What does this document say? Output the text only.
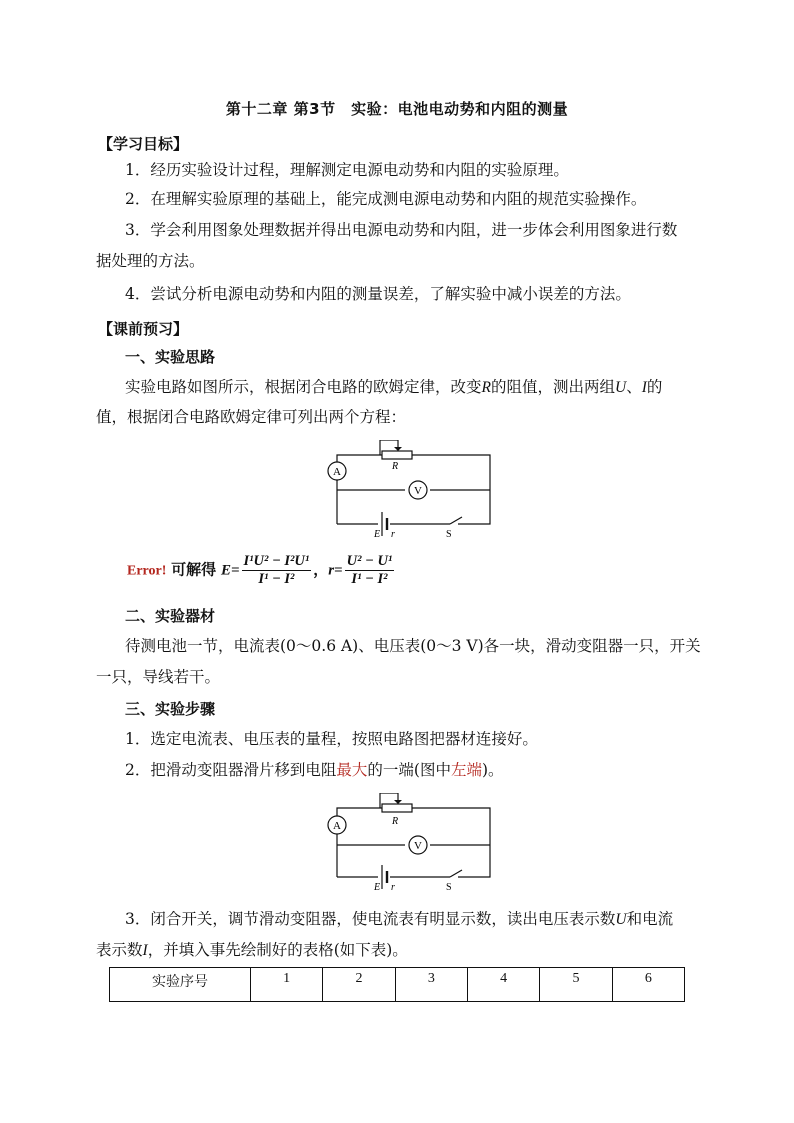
第十二章 第3节　实验：电池电动势和内阻的测量
【学习目标】
1．经历实验设计过程，理解测定电源电动势和内阻的实验原理。
2．在理解实验原理的基础上，能完成测电源电动势和内阻的规范实验操作。
3．学会利用图象处理数据并得出电源电动势和内阻，进一步体会利用图象进行数
据处理的方法。
4．尝试分析电源电动势和内阻的测量误差，了解实验中减小误差的方法。
【课前预习】
一、实验思路
实验电路如图所示，根据闭合电路的欧姆定律，改变R的阻值，测出两组U、I的
值，根据闭合电路欧姆定律可列出两个方程：
A
V
R
E r	S
Error! 可解得 $E= \frac{\text{I¹U² − I²U¹}}{\text{I¹ − I²}}$ ，$r= \frac{\text{U² − U¹}}{\text{I¹ − I²}}$
二、实验器材
待测电池一节，电流表(0～0.6 A)、电压表(0～3 V)各一块，滑动变阻器一只，开关
一只，导线若干。
三、实验步骤
1．选定电流表、电压表的量程，按照电路图把器材连接好。
2．把滑动变阻器滑片移到电阻最大的一端(图中左端)。
A
V
R
E r	S
3．闭合开关，调节滑动变阻器，使电流表有明显示数，读出电压表示数U和电流
表示数I，并填入事先绘制好的表格(如下表)。
实验序号	1	2	3	4	5	6
